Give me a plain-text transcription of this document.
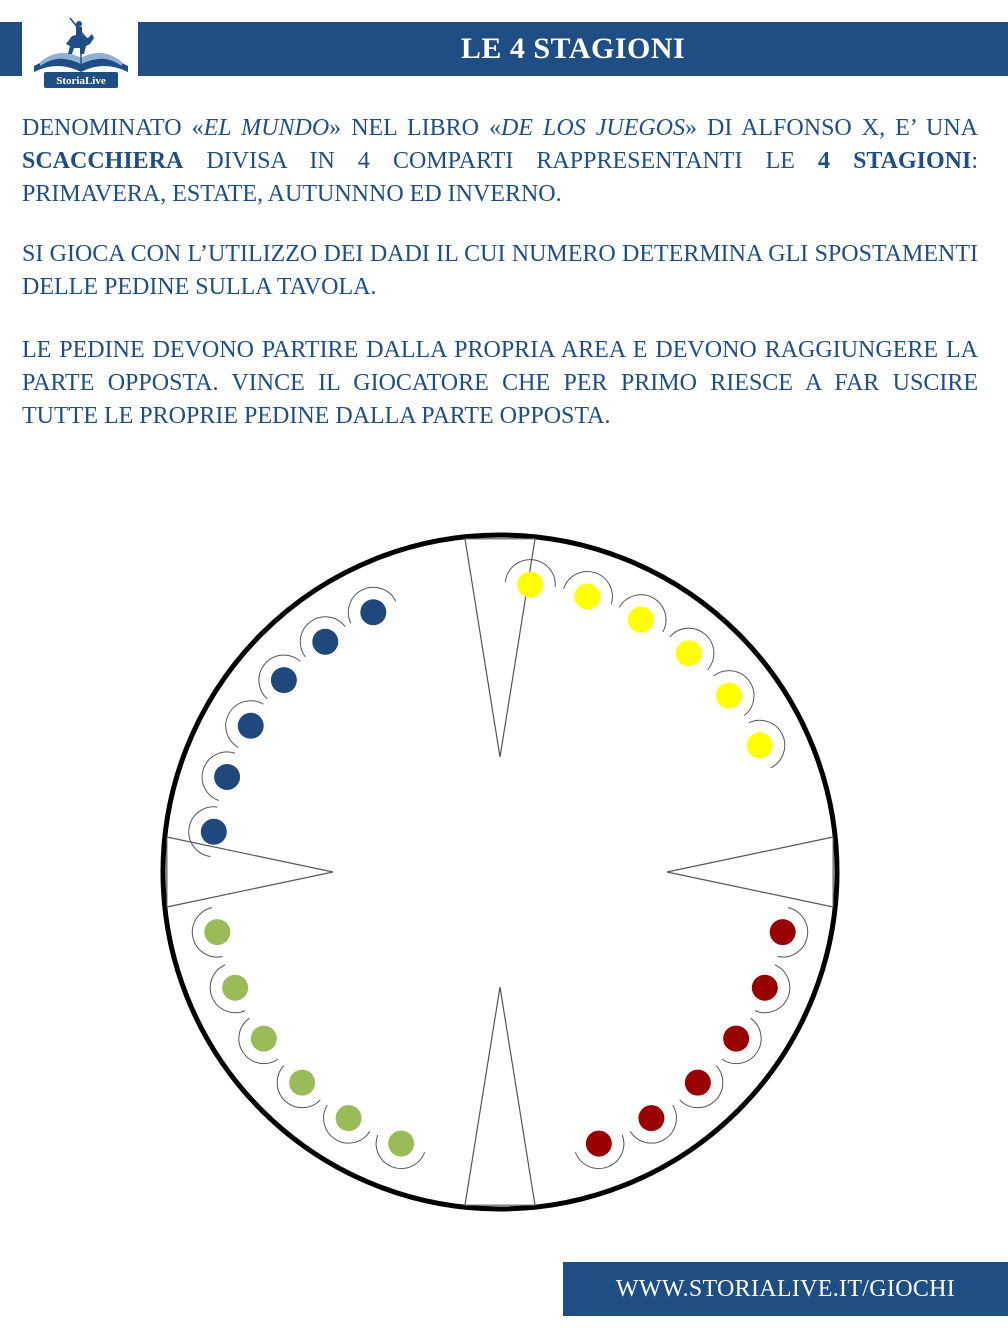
StoriaLive
LE 4 STAGIONI

DENOMINATO «EL MUNDO» NEL LIBRO «DE LOS JUEGOS» DI ALFONSO X, E’ UNA SCACCHIERA DIVISA IN 4 COMPARTI RAPPRESENTANTI LE 4 STAGIONI: PRIMAVERA, ESTATE, AUTUNNNO ED INVERNO.

SI GIOCA CON L’UTILIZZO DEI DADI IL CUI NUMERO DETERMINA GLI SPOSTAMENTI DELLE PEDINE SULLA TAVOLA.

LE PEDINE DEVONO PARTIRE DALLA PROPRIA AREA E DEVONO RAGGIUNGERE LA PARTE OPPOSTA. VINCE IL GIOCATORE CHE PER PRIMO RIESCE A FAR USCIRE TUTTE LE PROPRIE PEDINE DALLA PARTE OPPOSTA.

WWW.STORIALIVE.IT/GIOCHI
